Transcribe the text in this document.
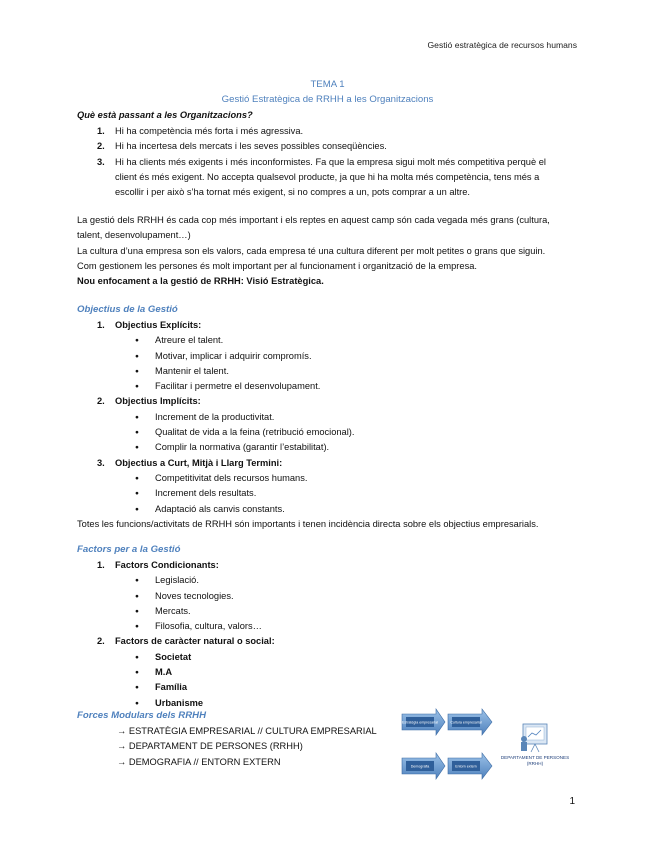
Gestió estratègica de recursos humans
TEMA 1
Gestió Estratègica de RRHH a les Organitzacions
Què està passant a les Organitzacions?
1. Hi ha competència més forta i més agressiva.
2. Hi ha incertesa dels mercats i les seves possibles conseqüències.
3. Hi ha clients més exigents i més inconformistes. Fa que la empresa sigui molt més competitiva perquè el
client és més exigent. No accepta qualsevol producte, ja que hi ha molta més competència, tens més a
escollir i per això s’ha tornat més exigent, si no compres a un, pots comprar a un altre.
La gestió dels RRHH és cada cop més important i els reptes en aquest camp són cada vegada més grans (cultura,
talent, desenvolupament…)
La cultura d’una empresa son els valors, cada empresa té una cultura diferent per molt petites o grans que siguin.
Com gestionem les persones és molt important per al funcionament i organització de la empresa.
Nou enfocament a la gestió de RRHH: Visió Estratègica.
Objectius de la Gestió
1. Objectius Explícits:
● Atreure el talent.
● Motivar, implicar i adquirir compromís.
● Mantenir el talent.
● Facilitar i permetre el desenvolupament.
2. Objectius Implícits:
● Increment de la productivitat.
● Qualitat de vida a la feina (retribució emocional).
● Complir la normativa (garantir l’estabilitat).
3. Objectius a Curt, Mitjà i Llarg Termini:
● Competitivitat dels recursos humans.
● Increment dels resultats.
● Adaptació als canvis constants.
Totes les funcions/activitats de RRHH són importants i tenen incidència directa sobre els objectius empresarials.
Factors per a la Gestió
1. Factors Condicionants:
● Legislació.
● Noves tecnologies.
● Mercats.
● Filosofia, cultura, valors…
2. Factors de caràcter natural o social:
● Societat
● M.A
● Família
● Urbanisme
Forces Modulars dels RRHH
→ ESTRATÈGIA EMPRESARIAL // CULTURA EMPRESARIAL
→ DEPARTAMENT DE PERSONES (RRHH)
→ DEMOGRAFIA // ENTORN EXTERN
Estratègia empresarial	Cultura empresarial
Demografia	Entorn extern
DEPARTAMENT DE PERSONES
(RRHH)
1
